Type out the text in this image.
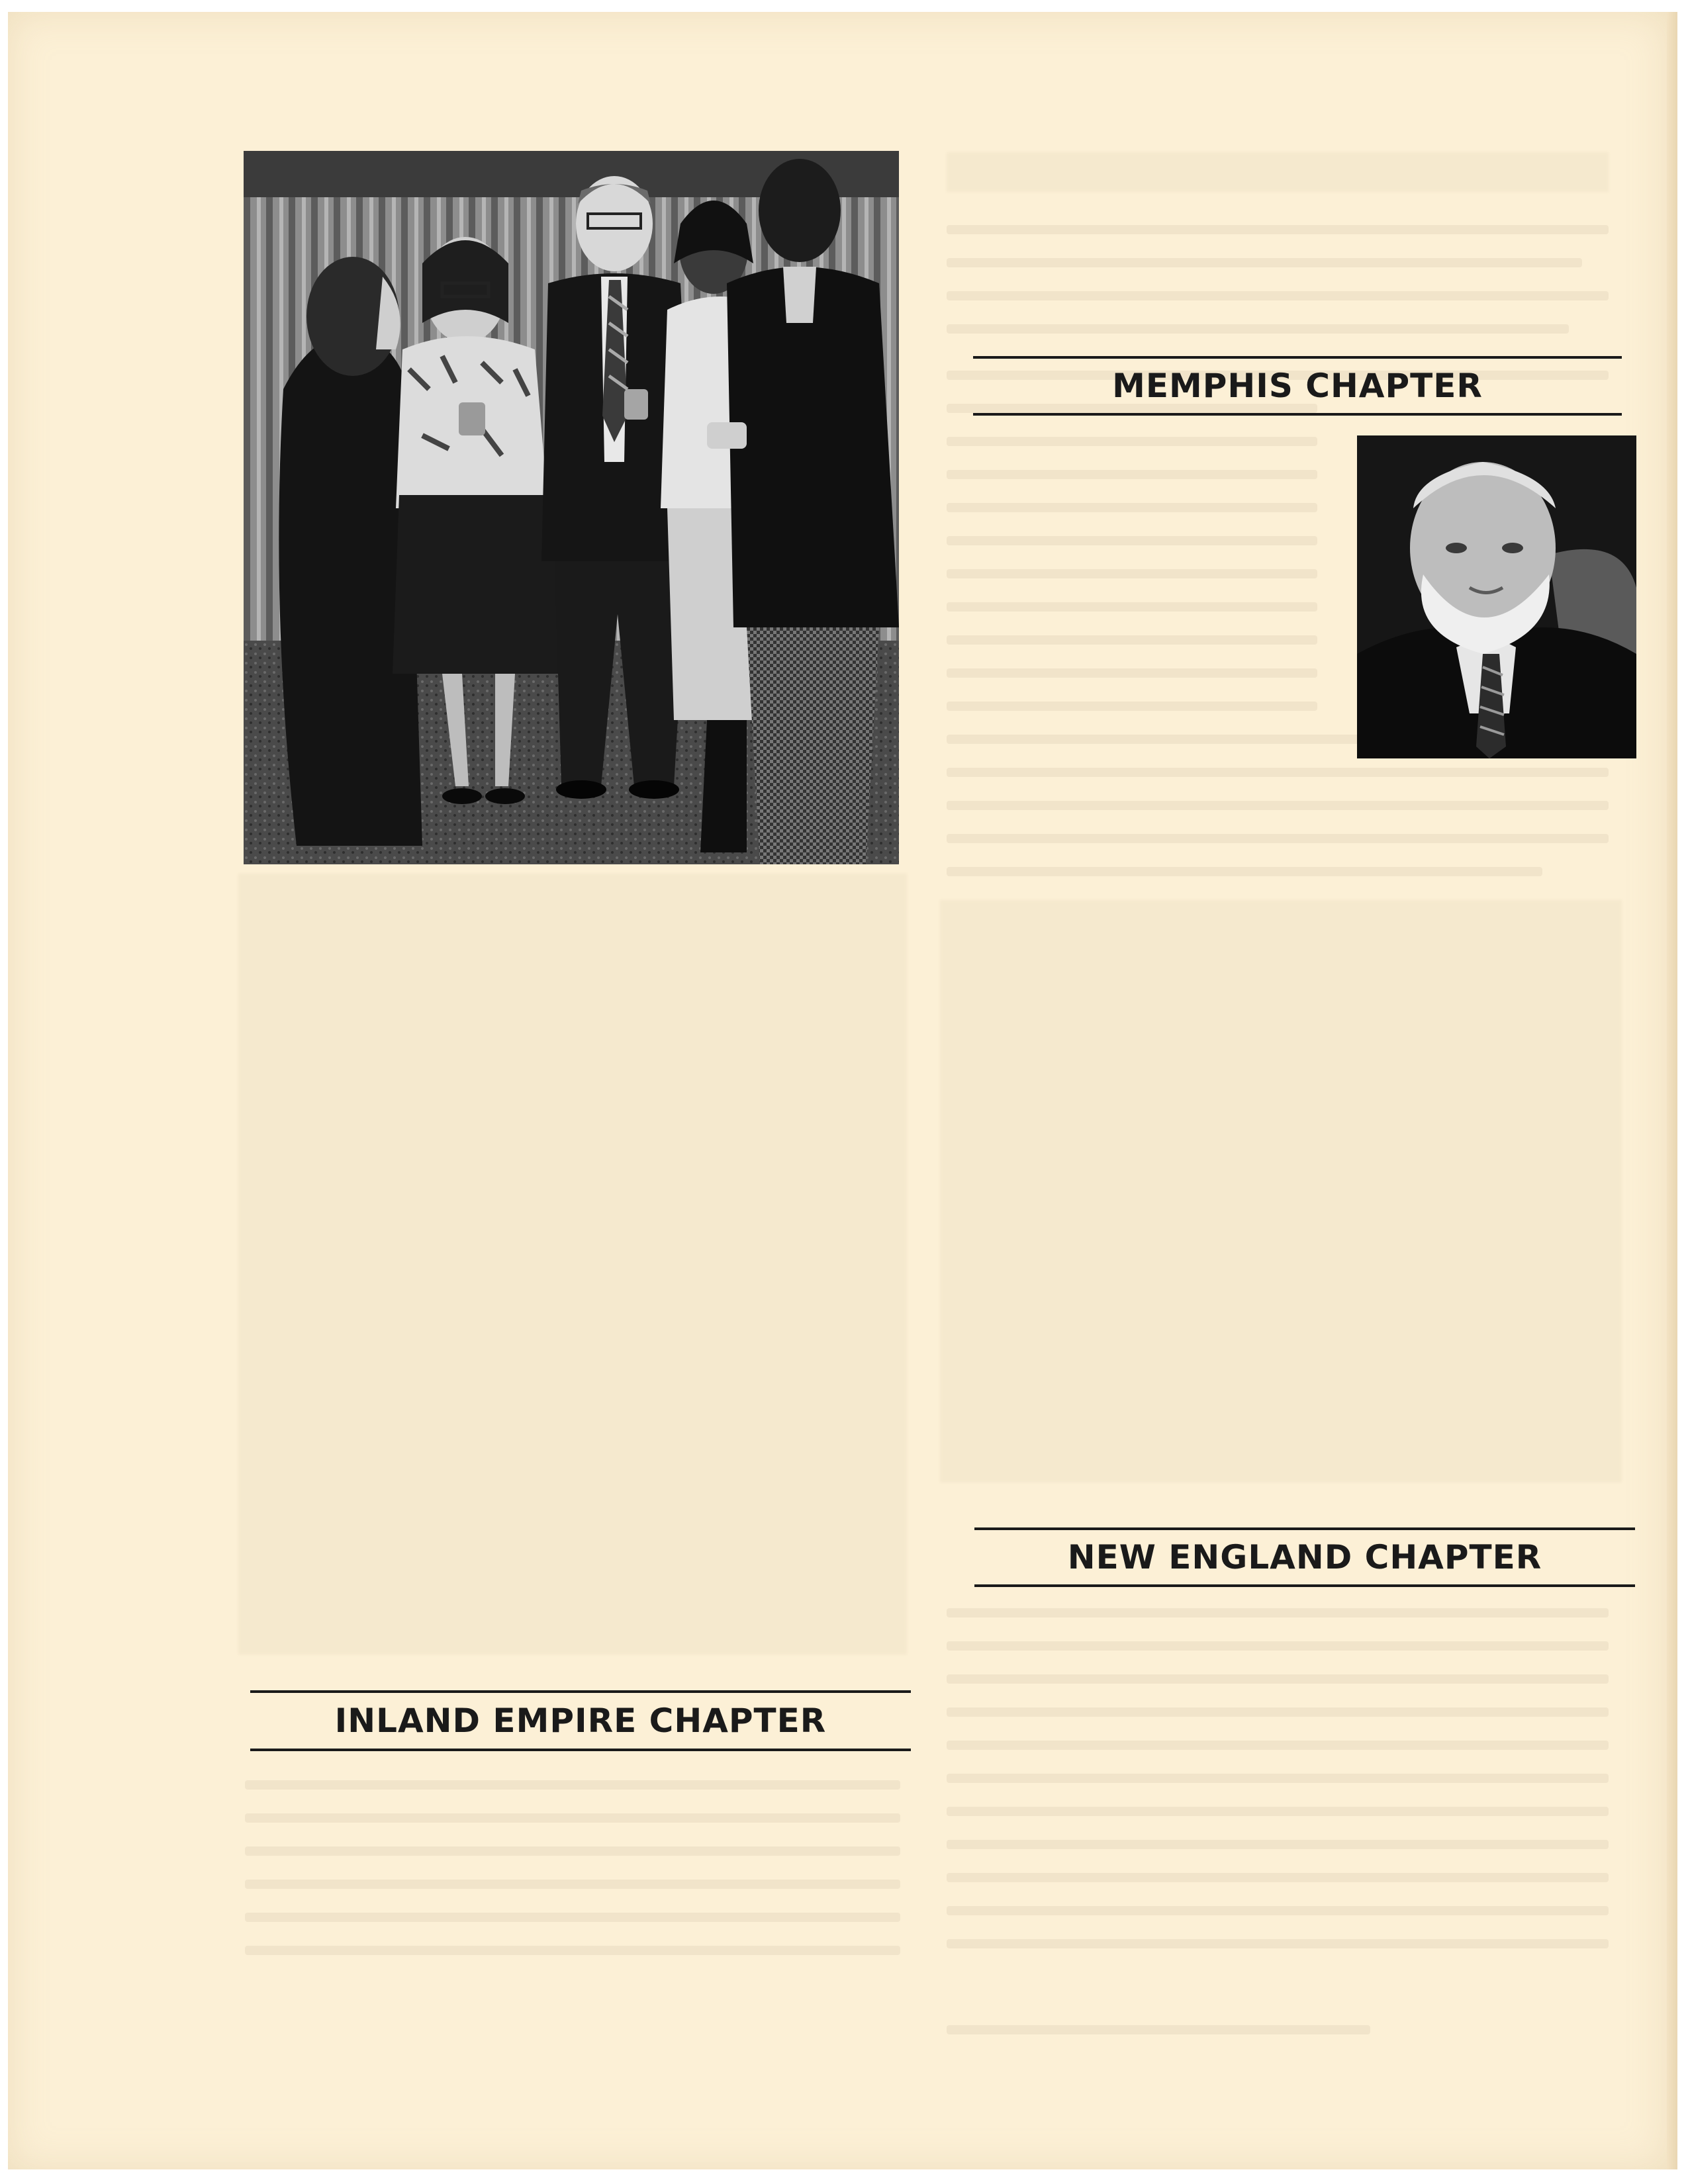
MEMPHIS CHAPTER
NEW ENGLAND CHAPTER
INLAND EMPIRE CHAPTER
